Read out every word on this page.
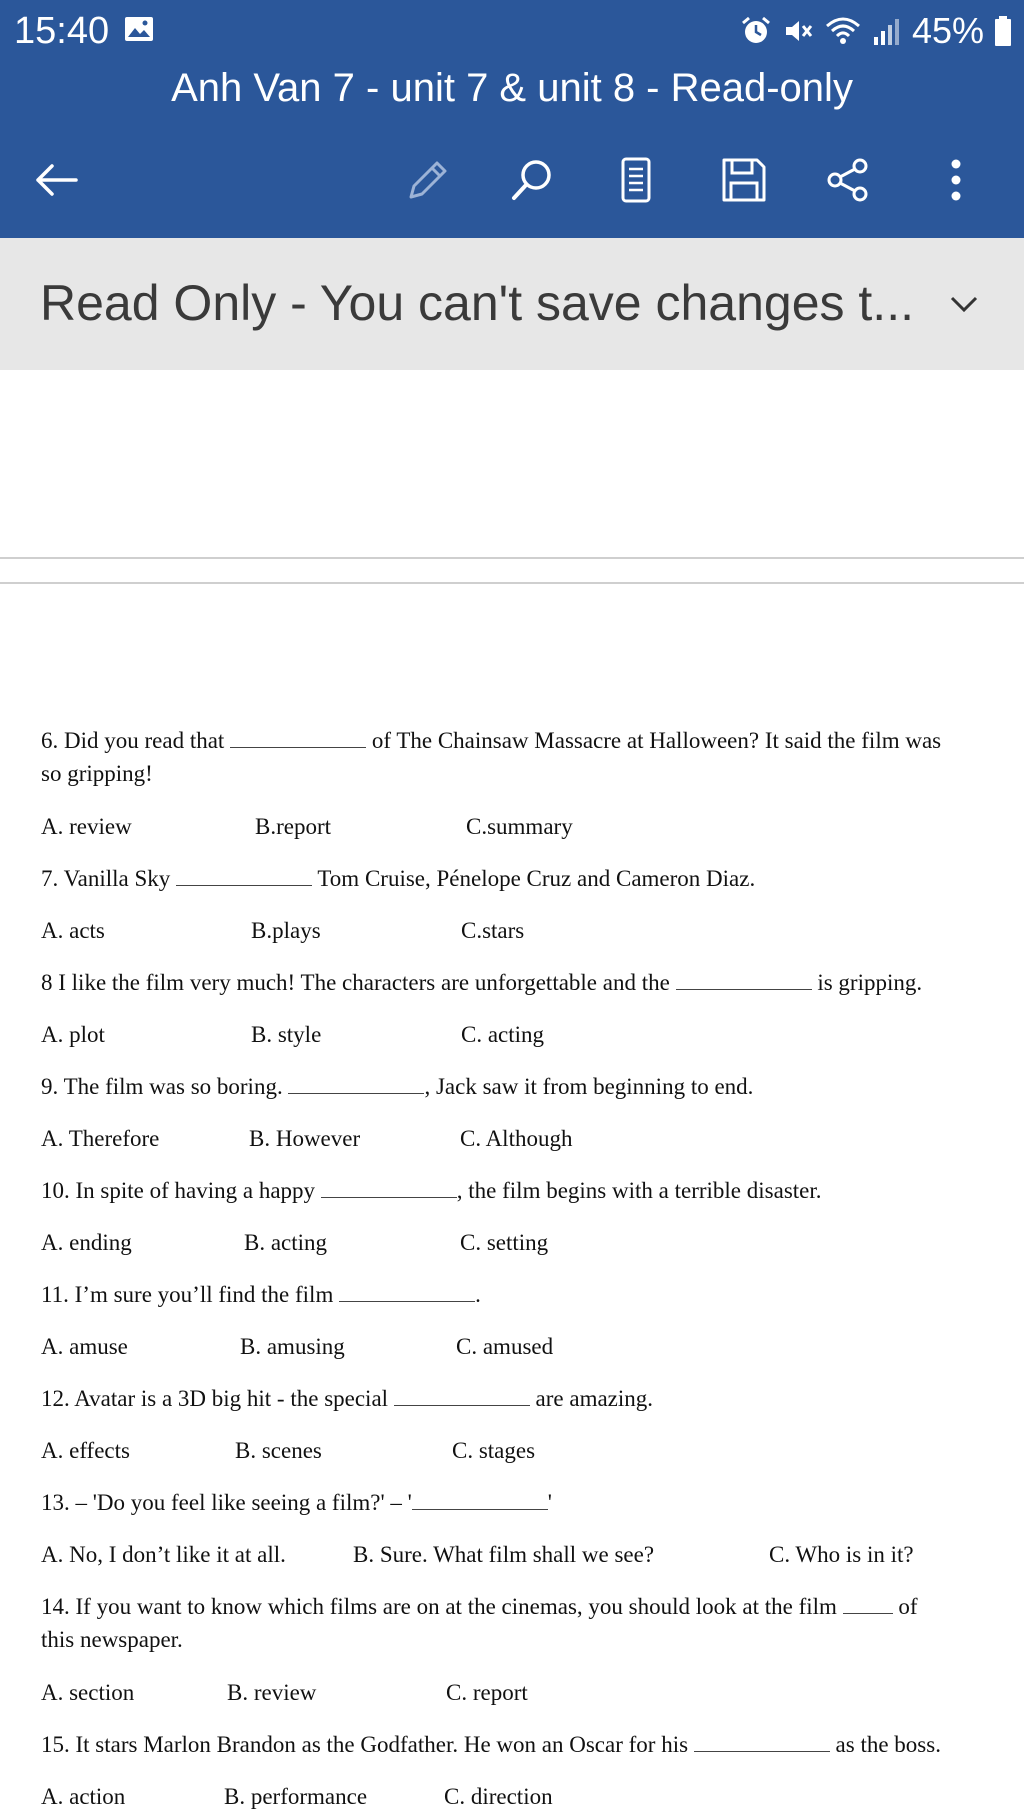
15:40	45%
Anh Van 7 - unit 7 & unit 8 - Read-only
Read Only - You can't save changes t...

6. Did you read that	of The Chainsaw Massacre at Halloween? It said the film was

so gripping!

A. review	B.report	C.summary

7. Vanilla Sky	Tom Cruise, Pénelope Cruz and Cameron Diaz.

A. acts	B.plays	C.stars

8 I like the film very much! The characters are unforgettable and the	is gripping.

A. plot	B. style	C. acting

9. The film was so boring.	, Jack saw it from beginning to end.

A. Therefore	B. However	C. Although

10. In spite of having a happy	, the film begins with a terrible disaster.

A. ending	B. acting	C. setting

11. I’m sure you’ll find the film	.

A. amuse	B. amusing	C. amused

12. Avatar is a 3D big hit - the special	are amazing.

A. effects	B. scenes	C. stages

13. – 'Do you feel like seeing a film?' – '	'

A. No, I don’t like it at all.	B. Sure. What film shall we see?	C. Who is in it?

14. If you want to know which films are on at the cinemas, you should look at the film  of

this newspaper.

A. section	B. review	C. report

15. It stars Marlon Brandon as the Godfather. He won an Oscar for his	as the boss.

A. action	B. performance	C. direction
